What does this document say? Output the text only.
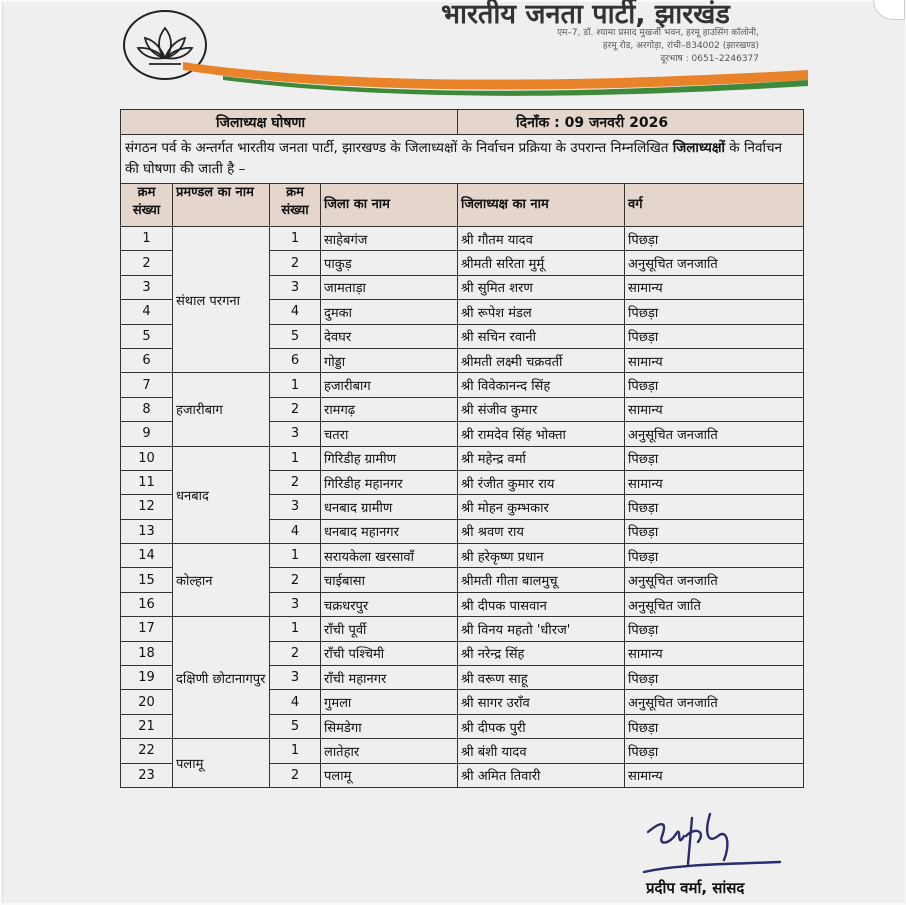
भारतीय जनता पार्टी, झारखंड
एम–7, डॉ. श्यामा प्रसाद मुखर्जी भवन, हरमू हाउसिंग कॉलोनी,
हरमू रोड, अरगोड़ा, रांची–834002 (झारखण्ड)
दूरभाष : 0651–2246377
जिलाध्यक्ष घोषणा				दिनाँक : 09 जनवरी 2026	
संगठन पर्व के अन्तर्गत भारतीय जनता पार्टी, झारखण्ड के जिलाध्यक्षों के निर्वाचन प्रक्रिया के उपरान्त निम्नलिखित जिलाध्यक्षों के निर्वाचन की घोषणा की जाती है –					
क्रम संख्या	प्रमण्डल का नाम	क्रम संख्या	जिला का नाम	जिलाध्यक्ष का नाम	वर्ग
1	संथाल परगना	1	साहेबगंज	श्री गौतम यादव	पिछड़ा
2		2	पाकुड़	श्रीमती सरिता मुर्मू	अनुसूचित जनजाति
3		3	जामताड़ा	श्री सुमित शरण	सामान्य
4		4	दुमका	श्री रूपेश मंडल	पिछड़ा
5		5	देवघर	श्री सचिन रवानी	पिछड़ा
6		6	गोड्डा	श्रीमती लक्ष्मी चक्रवर्ती	सामान्य
7	हजारीबाग	1	हजारीबाग	श्री विवेकानन्द सिंह	पिछड़ा
8		2	रामगढ़	श्री संजीव कुमार	सामान्य
9		3	चतरा	श्री रामदेव सिंह भोक्ता	अनुसूचित जनजाति
10	धनबाद	1	गिरिडीह ग्रामीण	श्री महेन्द्र वर्मा	पिछड़ा
11		2	गिरिडीह महानगर	श्री रंजीत कुमार राय	सामान्य
12		3	धनबाद ग्रामीण	श्री मोहन कुम्भकार	पिछड़ा
13		4	धनबाद महानगर	श्री श्रवण राय	पिछड़ा
14	कोल्हान	1	सरायकेला खरसावाँ	श्री हरेकृष्ण प्रधान	पिछड़ा
15		2	चाईबासा	श्रीमती गीता बालमुचू	अनुसूचित जनजाति
16		3	चक्रधरपुर	श्री दीपक पासवान	अनुसूचित जाति
17	दक्षिणी छोटानागपुर	1	राँची पूर्वी	श्री विनय महतो 'धीरज'	पिछड़ा
18		2	राँची पश्चिमी	श्री नरेन्द्र सिंह	सामान्य
19		3	राँची महानगर	श्री वरूण साहू	पिछड़ा
20		4	गुमला	श्री सागर उराँव	अनुसूचित जनजाति
21		5	सिमडेगा	श्री दीपक पुरी	पिछड़ा
22	पलामू	1	लातेहार	श्री बंशी यादव	पिछड़ा
23		2	पलामू	श्री अमित तिवारी	सामान्य
प्रदीप वर्मा, सांसद
